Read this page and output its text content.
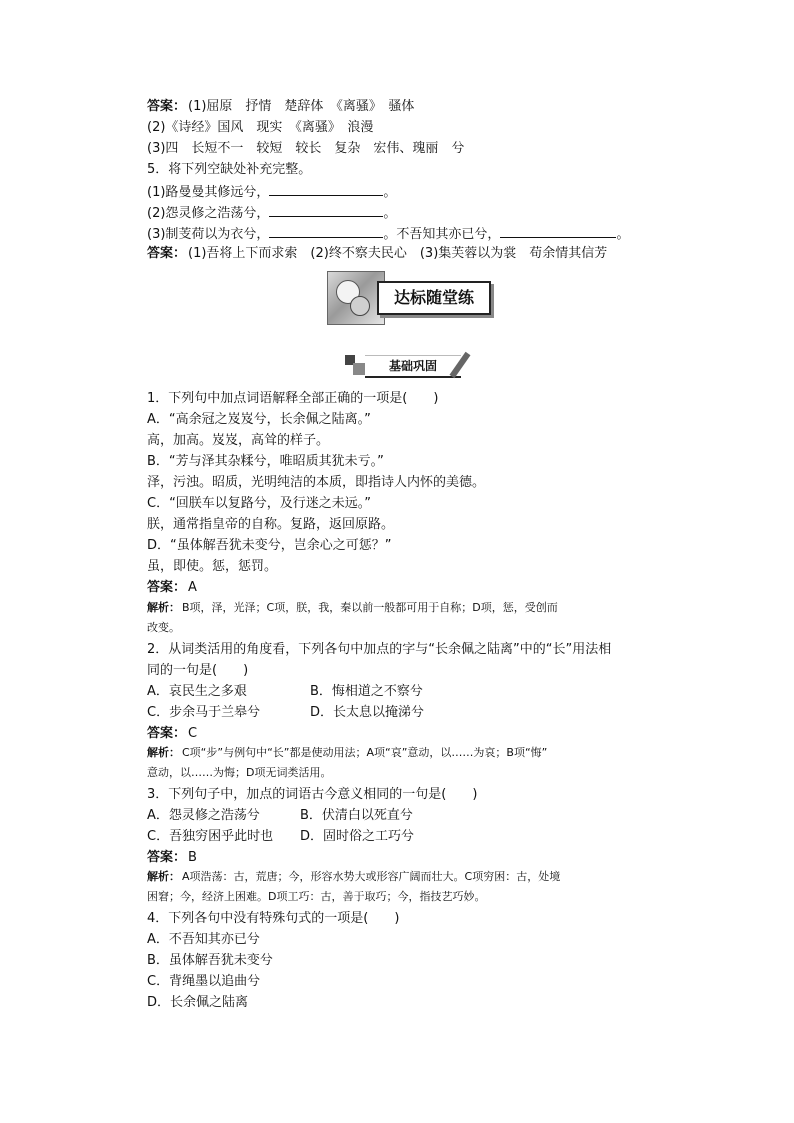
答案： (1)屈原　抒情　楚辞体　《离骚》　骚体
(2)《诗经》国风　现实　《离骚》　浪漫
(3)四　长短不一　较短　较长　复杂　宏伟、瑰丽　兮
5．将下列空缺处补充完整。
(1)路曼曼其修远兮，	。
(2)怨灵修之浩荡兮，	。
(3)制芰荷以为衣兮，	。不吾知其亦已兮，	。
答案： (1)吾将上下而求索　(2)终不察夫民心　(3)集芙蓉以为裳　苟余情其信芳
达标随堂练
基础巩固
1．下列句中加点词语解释全部正确的一项是(　　)
A．“高余冠之岌岌兮，长余佩之陆离。”
高，加高。岌岌，高耸的样子。
B．“芳与泽其杂糅兮，唯昭质其犹未亏。”
泽，污浊。昭质，光明纯洁的本质，即指诗人内怀的美德。
C．“回朕车以复路兮，及行迷之未远。”
朕，通常指皇帝的自称。复路，返回原路。
D．“虽体解吾犹未变兮，岂余心之可惩？”
虽，即使。惩，惩罚。
答案： A
解析： B项，泽，光泽；C项，朕，我，秦以前一般都可用于自称；D项，惩，受创而
改变。
2．从词类活用的角度看，下列各句中加点的字与“长余佩之陆离”中的“长”用法相
同的一句是(　　)
A．哀民生之多艰	B．悔相道之不察兮
C．步余马于兰皋兮	D．长太息以掩涕兮
答案： C
解析： C项“步”与例句中“长”都是使动用法；A项“哀”意动，以……为哀；B项“悔”
意动，以……为悔；D项无词类活用。
3．下列句子中，加点的词语古今意义相同的一句是(　　)
A．怨灵修之浩荡兮	B．伏清白以死直兮
C．吾独穷困乎此时也 D．固时俗之工巧兮
答案： B
解析： A项浩荡：古，荒唐；今，形容水势大或形容广阔而壮大。C项穷困：古，处境
困窘；今，经济上困难。D项工巧：古，善于取巧；今，指技艺巧妙。
4．下列各句中没有特殊句式的一项是(　　)
A．不吾知其亦已兮
B．虽体解吾犹未变兮
C．背绳墨以追曲兮
D．长余佩之陆离
